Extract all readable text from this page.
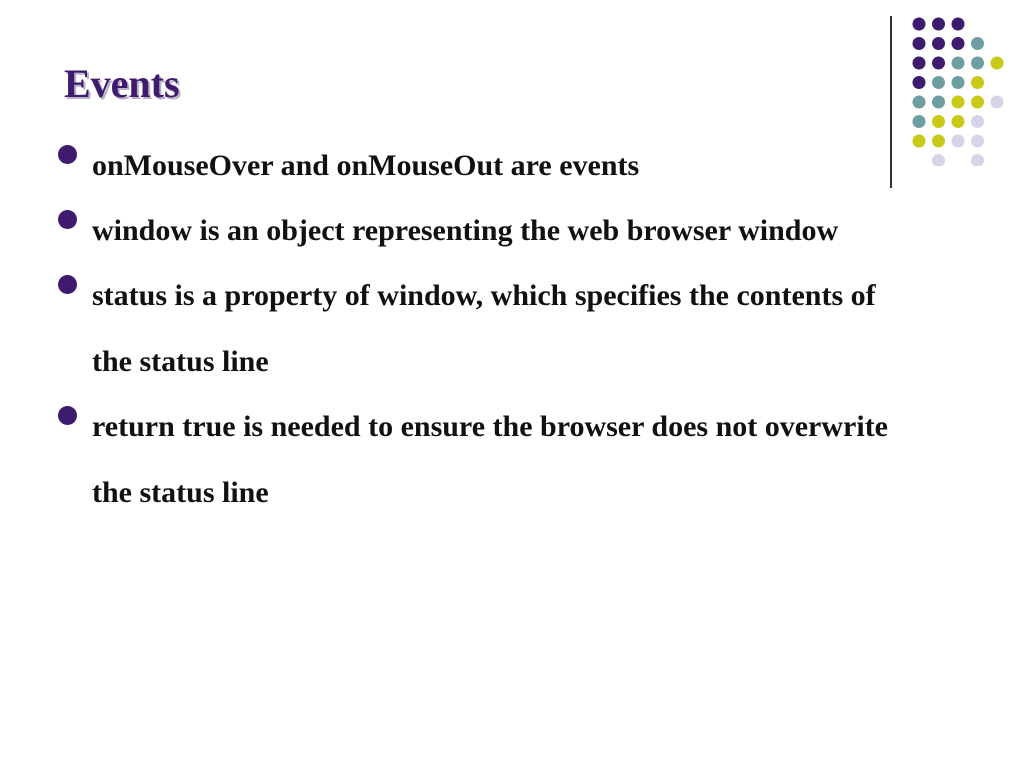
Events
onMouseOver and onMouseOut are events
window is an object representing the web browser window
status is a property of window, which specifies the contents of the status line
return true is needed to ensure the browser does not overwrite the status line
